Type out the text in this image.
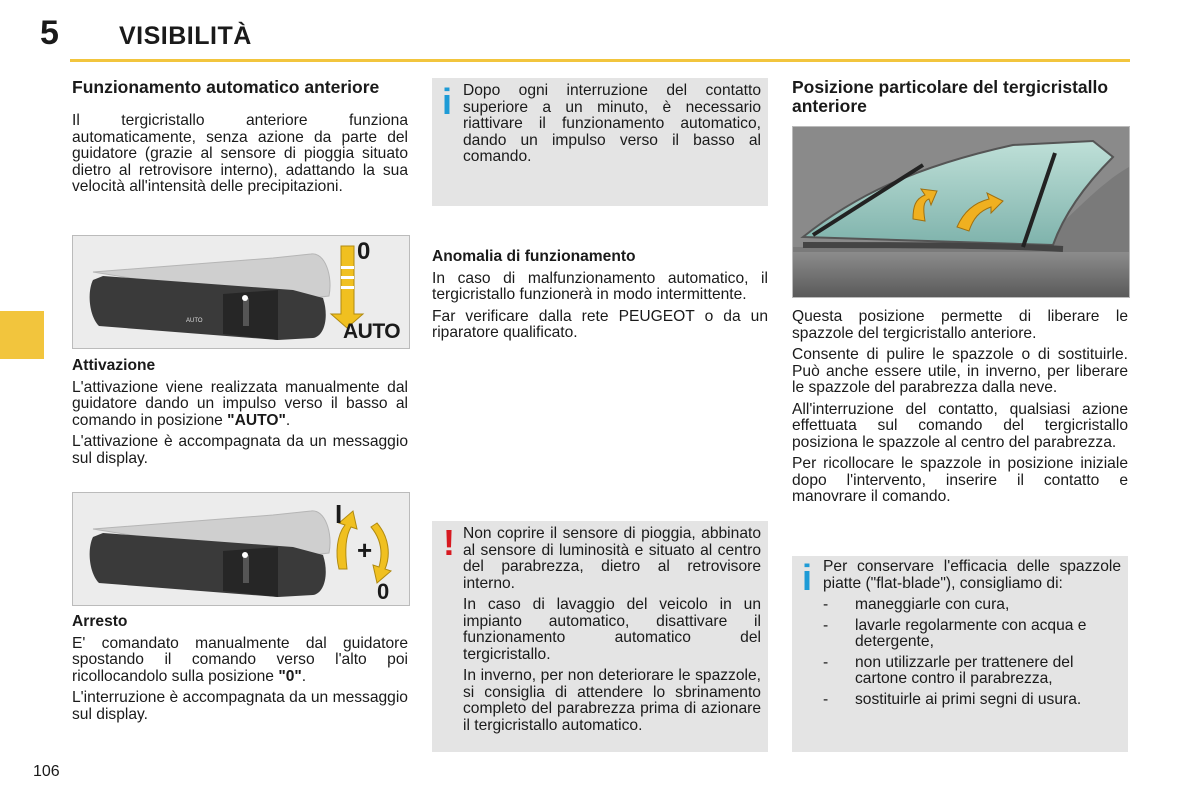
5 VISIBILITÀ
106
Funzionamento automatico anteriore

Il tergicristallo anteriore funziona automaticamente, senza azione da parte del guidatore (grazie al sensore di pioggia situato dietro al retrovisore interno), adattando la sua velocità all'intensità delle precipitazioni.

AUTO
0
AUTO
Attivazione

L'attivazione viene realizzata manualmente dal guidatore dando un impulso verso il basso al comando in posizione "AUTO".

L'attivazione è accompagnata da un messaggio sul display.

I
+
0
Arresto

E' comandato manualmente dal guidatore spostando il comando verso l'alto poi ricollocandolo sulla posizione "0".

L'interruzione è accompagnata da un messaggio sul display.

i Dopo ogni interruzione del contatto superiore a un minuto, è necessario riattivare il funzionamento automatico, dando un impulso verso il basso al comando.

Anomalia di funzionamento

In caso di malfunzionamento automatico, il tergicristallo funzionerà in modo intermittente.

Far verificare dalla rete PEUGEOT o da un riparatore qualificato.

! Non coprire il sensore di pioggia, abbinato al sensore di luminosità e situato al centro del parabrezza, dietro al retrovisore interno.

In caso di lavaggio del veicolo in un impianto automatico, disattivare il funzionamento automatico del tergicristallo.

In inverno, per non deteriorare le spazzole, si consiglia di attendere lo sbrinamento completo del parabrezza prima di azionare il tergicristallo automatico.

Posizione particolare del tergicristallo anteriore

Questa posizione permette di liberare le spazzole del tergicristallo anteriore.

Consente di pulire le spazzole o di sostituirle. Può anche essere utile, in inverno, per liberare le spazzole del parabrezza dalla neve.

All'interruzione del contatto, qualsiasi azione effettuata sul comando del tergicristallo posiziona le spazzole al centro del parabrezza.

Per ricollocare le spazzole in posizione iniziale dopo l'intervento, inserire il contatto e manovrare il comando.

i Per conservare l'efficacia delle spazzole piatte ("flat-blade"), consigliamo di:

-	maneggiarle con cura,
-	lavarle regolarmente con acqua e detergente,
-	non utilizzarle per trattenere del cartone contro il parabrezza,
-	sostituirle ai primi segni di usura.
